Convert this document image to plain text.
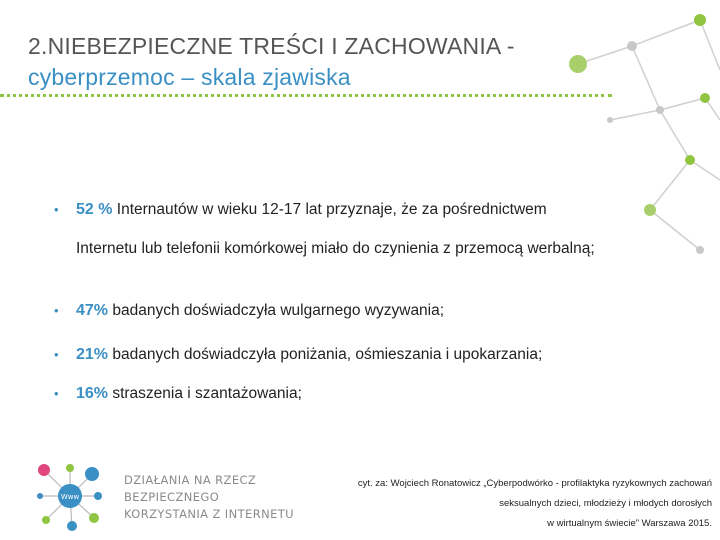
2.NIEBEZPIECZNE TREŚCI I ZACHOWANIA -
cyberprzemoc – skala zjawiska
• 52 % Internautów w wieku 12-17 lat przyznaje, że za pośrednictwem
Internetu lub telefonii komórkowej miało do czynienia z przemocą werbalną;
• 47% badanych doświadczyła wulgarnego wyzywania;
• 21% badanych doświadczyła poniżania, ośmieszania i upokarzania;
• 16% straszenia i szantażowania;
Www
DZIAŁANIA NA RZECZ BEZPIECZNEGO
KORZYSTANIA Z INTERNETU
cyt. za: Wojciech Ronatowicz „Cyberpodwórko - profilaktyka ryzykownych zachowań
seksualnych dzieci, młodzieży i młodych dorosłych
w wirtualnym świecie” Warszawa 2015.
